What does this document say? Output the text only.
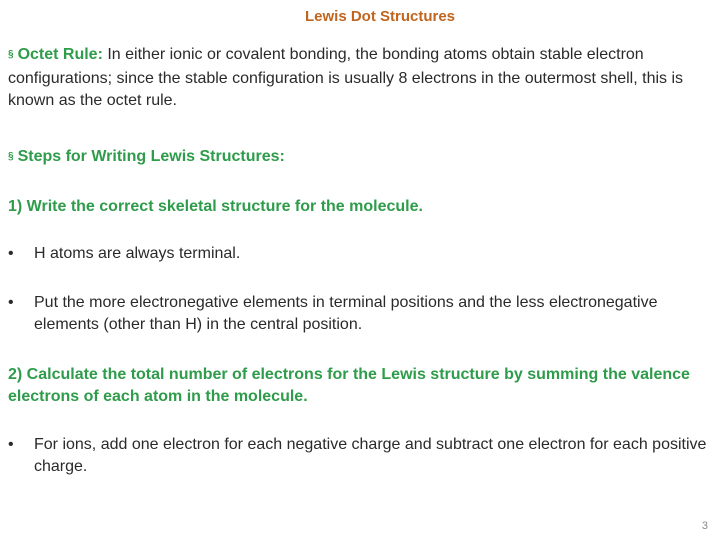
Lewis Dot Structures
§ Octet Rule: In either ionic or covalent bonding, the bonding atoms obtain stable electron configurations; since the stable configuration is usually 8 electrons in the outermost shell, this is known as the octet rule.
§ Steps for Writing Lewis Structures:
1) Write the correct skeletal structure for the molecule.
•	H atoms are always terminal.
•	Put the more electronegative elements in terminal positions and the less electronegative elements (other than H) in the central position.
2) Calculate the total number of electrons for the Lewis structure by summing the valence electrons of each atom in the molecule.
•	For ions, add one electron for each negative charge and subtract one electron for each positive charge.
3
